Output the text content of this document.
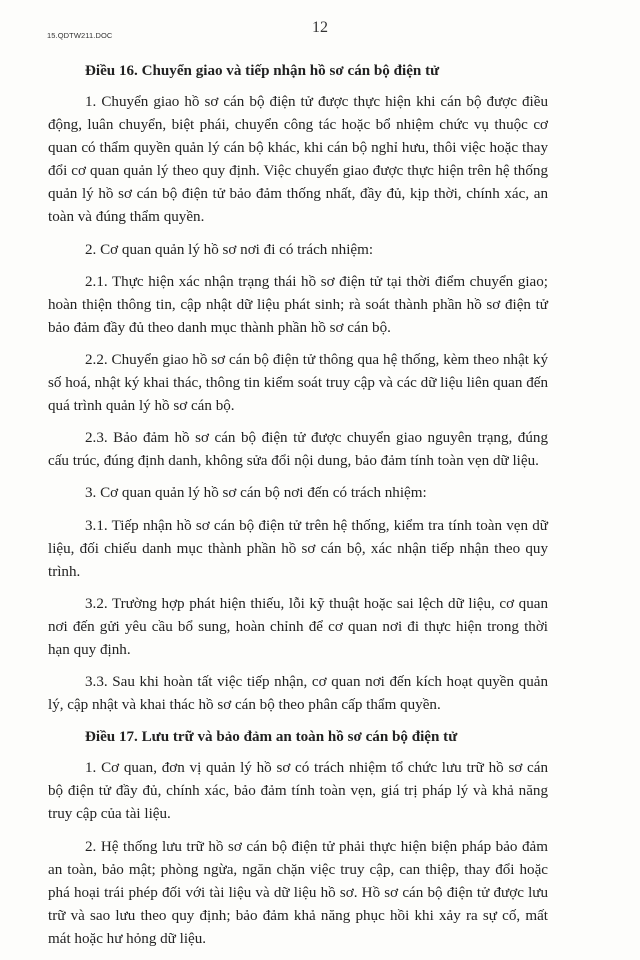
15.QDTW211.DOC	12
Điều 16. Chuyển giao và tiếp nhận hồ sơ cán bộ điện tử

1. Chuyển giao hồ sơ cán bộ điện tử được thực hiện khi cán bộ được điều động, luân chuyển, biệt phái, chuyển công tác hoặc bổ nhiệm chức vụ thuộc cơ quan có thẩm quyền quản lý cán bộ khác, khi cán bộ nghỉ hưu, thôi việc hoặc thay đổi cơ quan quản lý theo quy định. Việc chuyển giao được thực hiện trên hệ thống quản lý hồ sơ cán bộ điện tử bảo đảm thống nhất, đầy đủ, kịp thời, chính xác, an toàn và đúng thẩm quyền.

2. Cơ quan quản lý hồ sơ nơi đi có trách nhiệm:

2.1. Thực hiện xác nhận trạng thái hồ sơ điện tử tại thời điểm chuyển giao; hoàn thiện thông tin, cập nhật dữ liệu phát sinh; rà soát thành phần hồ sơ điện tử bảo đảm đầy đủ theo danh mục thành phần hồ sơ cán bộ.

2.2. Chuyển giao hồ sơ cán bộ điện tử thông qua hệ thống, kèm theo nhật ký số hoá, nhật ký khai thác, thông tin kiểm soát truy cập và các dữ liệu liên quan đến quá trình quản lý hồ sơ cán bộ.

2.3. Bảo đảm hồ sơ cán bộ điện tử được chuyển giao nguyên trạng, đúng cấu trúc, đúng định danh, không sửa đổi nội dung, bảo đảm tính toàn vẹn dữ liệu.

3. Cơ quan quản lý hồ sơ cán bộ nơi đến có trách nhiệm:

3.1. Tiếp nhận hồ sơ cán bộ điện tử trên hệ thống, kiểm tra tính toàn vẹn dữ liệu, đối chiếu danh mục thành phần hồ sơ cán bộ, xác nhận tiếp nhận theo quy trình.

3.2. Trường hợp phát hiện thiếu, lỗi kỹ thuật hoặc sai lệch dữ liệu, cơ quan nơi đến gửi yêu cầu bổ sung, hoàn chỉnh để cơ quan nơi đi thực hiện trong thời hạn quy định.

3.3. Sau khi hoàn tất việc tiếp nhận, cơ quan nơi đến kích hoạt quyền quản lý, cập nhật và khai thác hồ sơ cán bộ theo phân cấp thẩm quyền.

Điều 17. Lưu trữ và bảo đảm an toàn hồ sơ cán bộ điện tử

1. Cơ quan, đơn vị quản lý hồ sơ có trách nhiệm tổ chức lưu trữ hồ sơ cán bộ điện tử đầy đủ, chính xác, bảo đảm tính toàn vẹn, giá trị pháp lý và khả năng truy cập của tài liệu.

2. Hệ thống lưu trữ hồ sơ cán bộ điện tử phải thực hiện biện pháp bảo đảm an toàn, bảo mật; phòng ngừa, ngăn chặn việc truy cập, can thiệp, thay đổi hoặc phá hoại trái phép đối với tài liệu và dữ liệu hồ sơ. Hồ sơ cán bộ điện tử được lưu trữ và sao lưu theo quy định; bảo đảm khả năng phục hồi khi xảy ra sự cố, mất mát hoặc hư hỏng dữ liệu.
